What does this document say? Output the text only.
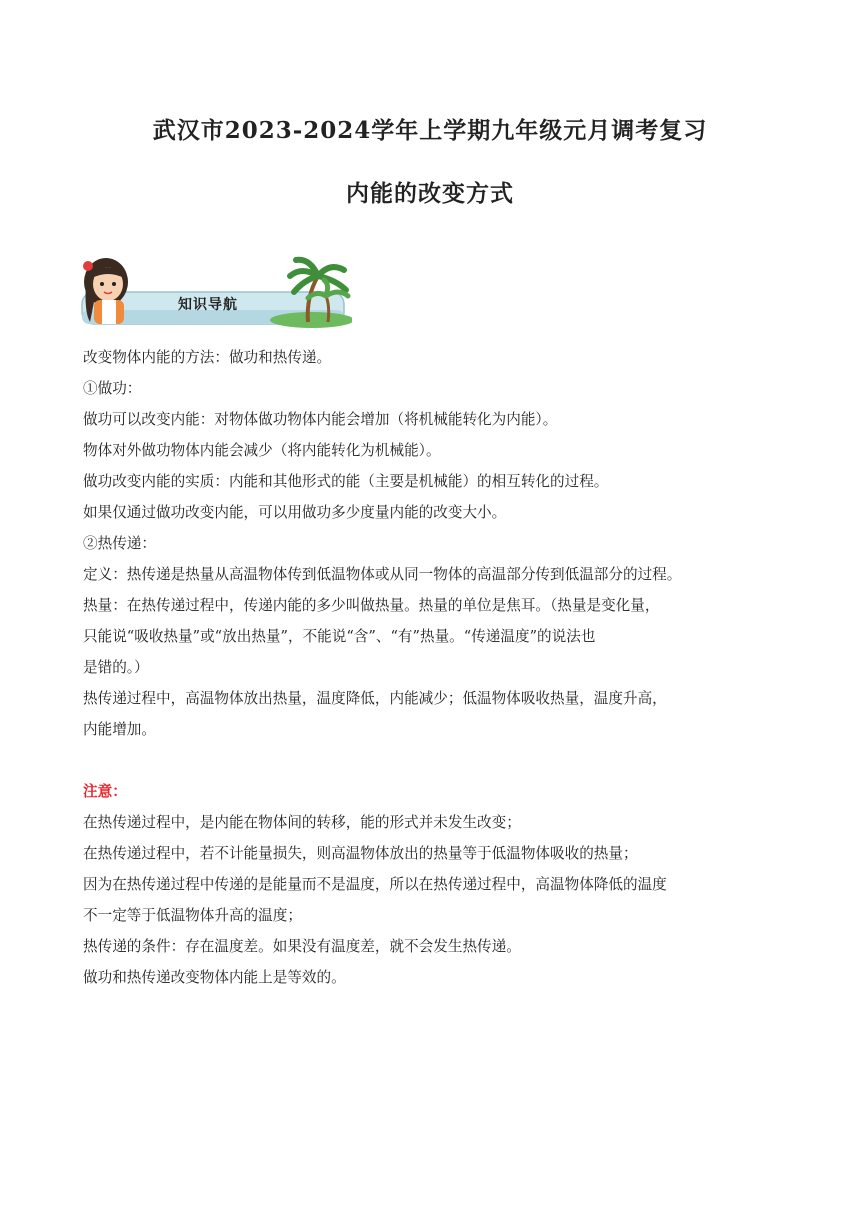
武汉市2023-2024学年上学期九年级元月调考复习
内能的改变方式
知识导航
改变物体内能的方法：做功和热传递。
①做功：
做功可以改变内能：对物体做功物体内能会增加（将机械能转化为内能）。
物体对外做功物体内能会减少（将内能转化为机械能）。
做功改变内能的实质：内能和其他形式的能（主要是机械能）的相互转化的过程。
如果仅通过做功改变内能，可以用做功多少度量内能的改变大小。
②热传递：
定义：热传递是热量从高温物体传到低温物体或从同一物体的高温部分传到低温部分的过程。
热量：在热传递过程中，传递内能的多少叫做热量。热量的单位是焦耳。（热量是变化量，
只能说“吸收热量”或“放出热量”，不能说“含”、“有”热量。“传递温度”的说法也
是错的。）
热传递过程中，高温物体放出热量，温度降低，内能减少；低温物体吸收热量，温度升高，
内能增加。
注意：
在热传递过程中，是内能在物体间的转移，能的形式并未发生改变；
在热传递过程中，若不计能量损失，则高温物体放出的热量等于低温物体吸收的热量；
因为在热传递过程中传递的是能量而不是温度，所以在热传递过程中，高温物体降低的温度
不一定等于低温物体升高的温度；
热传递的条件：存在温度差。如果没有温度差，就不会发生热传递。
做功和热传递改变物体内能上是等效的。
